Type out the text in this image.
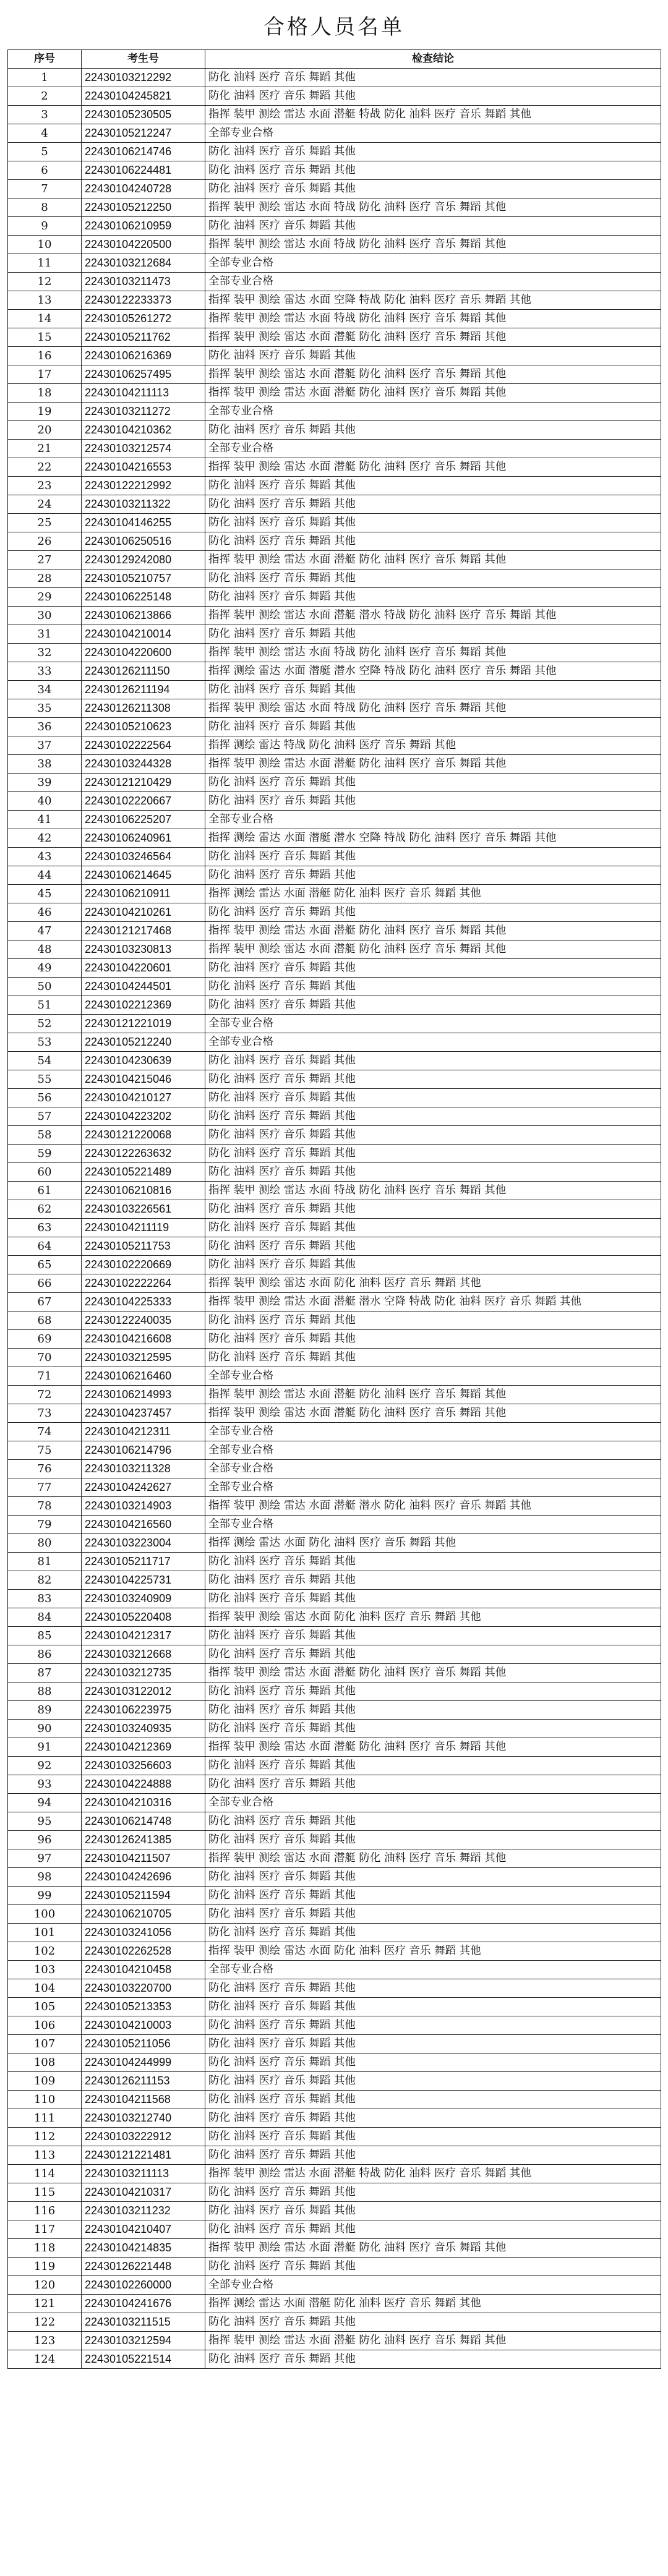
合格人员名单
序号	考生号	检查结论
1	22430103212292	防化 油料 医疗 音乐 舞蹈 其他
2	22430104245821	防化 油料 医疗 音乐 舞蹈 其他
3	22430105230505	指挥 装甲 测绘 雷达 水面 潜艇 特战 防化 油料 医疗 音乐 舞蹈 其他
4	22430105212247	全部专业合格
5	22430106214746	防化 油料 医疗 音乐 舞蹈 其他
6	22430106224481	防化 油料 医疗 音乐 舞蹈 其他
7	22430104240728	防化 油料 医疗 音乐 舞蹈 其他
8	22430105212250	指挥 装甲 测绘 雷达 水面 特战 防化 油料 医疗 音乐 舞蹈 其他
9	22430106210959	防化 油料 医疗 音乐 舞蹈 其他
10	22430104220500	指挥 装甲 测绘 雷达 水面 特战 防化 油料 医疗 音乐 舞蹈 其他
11	22430103212684	全部专业合格
12	22430103211473	全部专业合格
13	22430122233373	指挥 装甲 测绘 雷达 水面 空降 特战 防化 油料 医疗 音乐 舞蹈 其他
14	22430105261272	指挥 装甲 测绘 雷达 水面 特战 防化 油料 医疗 音乐 舞蹈 其他
15	22430105211762	指挥 装甲 测绘 雷达 水面 潜艇 防化 油料 医疗 音乐 舞蹈 其他
16	22430106216369	防化 油料 医疗 音乐 舞蹈 其他
17	22430106257495	指挥 装甲 测绘 雷达 水面 潜艇 防化 油料 医疗 音乐 舞蹈 其他
18	22430104211113	指挥 装甲 测绘 雷达 水面 潜艇 防化 油料 医疗 音乐 舞蹈 其他
19	22430103211272	全部专业合格
20	22430104210362	防化 油料 医疗 音乐 舞蹈 其他
21	22430103212574	全部专业合格
22	22430104216553	指挥 装甲 测绘 雷达 水面 潜艇 防化 油料 医疗 音乐 舞蹈 其他
23	22430122212992	防化 油料 医疗 音乐 舞蹈 其他
24	22430103211322	防化 油料 医疗 音乐 舞蹈 其他
25	22430104146255	防化 油料 医疗 音乐 舞蹈 其他
26	22430106250516	防化 油料 医疗 音乐 舞蹈 其他
27	22430129242080	指挥 装甲 测绘 雷达 水面 潜艇 防化 油料 医疗 音乐 舞蹈 其他
28	22430105210757	防化 油料 医疗 音乐 舞蹈 其他
29	22430106225148	防化 油料 医疗 音乐 舞蹈 其他
30	22430106213866	指挥 装甲 测绘 雷达 水面 潜艇 潜水 特战 防化 油料 医疗 音乐 舞蹈 其他
31	22430104210014	防化 油料 医疗 音乐 舞蹈 其他
32	22430104220600	指挥 装甲 测绘 雷达 水面 特战 防化 油料 医疗 音乐 舞蹈 其他
33	22430126211150	指挥 测绘 雷达 水面 潜艇 潜水 空降 特战 防化 油料 医疗 音乐 舞蹈 其他
34	22430126211194	防化 油料 医疗 音乐 舞蹈 其他
35	22430126211308	指挥 装甲 测绘 雷达 水面 特战 防化 油料 医疗 音乐 舞蹈 其他
36	22430105210623	防化 油料 医疗 音乐 舞蹈 其他
37	22430102222564	指挥 测绘 雷达 特战 防化 油料 医疗 音乐 舞蹈 其他
38	22430103244328	指挥 装甲 测绘 雷达 水面 潜艇 防化 油料 医疗 音乐 舞蹈 其他
39	22430121210429	防化 油料 医疗 音乐 舞蹈 其他
40	22430102220667	防化 油料 医疗 音乐 舞蹈 其他
41	22430106225207	全部专业合格
42	22430106240961	指挥 测绘 雷达 水面 潜艇 潜水 空降 特战 防化 油料 医疗 音乐 舞蹈 其他
43	22430103246564	防化 油料 医疗 音乐 舞蹈 其他
44	22430106214645	防化 油料 医疗 音乐 舞蹈 其他
45	22430106210911	指挥 测绘 雷达 水面 潜艇 防化 油料 医疗 音乐 舞蹈 其他
46	22430104210261	防化 油料 医疗 音乐 舞蹈 其他
47	22430121217468	指挥 装甲 测绘 雷达 水面 潜艇 防化 油料 医疗 音乐 舞蹈 其他
48	22430103230813	指挥 装甲 测绘 雷达 水面 潜艇 防化 油料 医疗 音乐 舞蹈 其他
49	22430104220601	防化 油料 医疗 音乐 舞蹈 其他
50	22430104244501	防化 油料 医疗 音乐 舞蹈 其他
51	22430102212369	防化 油料 医疗 音乐 舞蹈 其他
52	22430121221019	全部专业合格
53	22430105212240	全部专业合格
54	22430104230639	防化 油料 医疗 音乐 舞蹈 其他
55	22430104215046	防化 油料 医疗 音乐 舞蹈 其他
56	22430104210127	防化 油料 医疗 音乐 舞蹈 其他
57	22430104223202	防化 油料 医疗 音乐 舞蹈 其他
58	22430121220068	防化 油料 医疗 音乐 舞蹈 其他
59	22430122263632	防化 油料 医疗 音乐 舞蹈 其他
60	22430105221489	防化 油料 医疗 音乐 舞蹈 其他
61	22430106210816	指挥 装甲 测绘 雷达 水面 特战 防化 油料 医疗 音乐 舞蹈 其他
62	22430103226561	防化 油料 医疗 音乐 舞蹈 其他
63	22430104211119	防化 油料 医疗 音乐 舞蹈 其他
64	22430105211753	防化 油料 医疗 音乐 舞蹈 其他
65	22430102220669	防化 油料 医疗 音乐 舞蹈 其他
66	22430102222264	指挥 装甲 测绘 雷达 水面 防化 油料 医疗 音乐 舞蹈 其他
67	22430104225333	指挥 装甲 测绘 雷达 水面 潜艇 潜水 空降 特战 防化 油料 医疗 音乐 舞蹈 其他
68	22430122240035	防化 油料 医疗 音乐 舞蹈 其他
69	22430104216608	防化 油料 医疗 音乐 舞蹈 其他
70	22430103212595	防化 油料 医疗 音乐 舞蹈 其他
71	22430106216460	全部专业合格
72	22430106214993	指挥 装甲 测绘 雷达 水面 潜艇 防化 油料 医疗 音乐 舞蹈 其他
73	22430104237457	指挥 装甲 测绘 雷达 水面 潜艇 防化 油料 医疗 音乐 舞蹈 其他
74	22430104212311	全部专业合格
75	22430106214796	全部专业合格
76	22430103211328	全部专业合格
77	22430104242627	全部专业合格
78	22430103214903	指挥 装甲 测绘 雷达 水面 潜艇 潜水 防化 油料 医疗 音乐 舞蹈 其他
79	22430104216560	全部专业合格
80	22430103223004	指挥 测绘 雷达 水面 防化 油料 医疗 音乐 舞蹈 其他
81	22430105211717	防化 油料 医疗 音乐 舞蹈 其他
82	22430104225731	防化 油料 医疗 音乐 舞蹈 其他
83	22430103240909	防化 油料 医疗 音乐 舞蹈 其他
84	22430105220408	指挥 装甲 测绘 雷达 水面 防化 油料 医疗 音乐 舞蹈 其他
85	22430104212317	防化 油料 医疗 音乐 舞蹈 其他
86	22430103212668	防化 油料 医疗 音乐 舞蹈 其他
87	22430103212735	指挥 装甲 测绘 雷达 水面 潜艇 防化 油料 医疗 音乐 舞蹈 其他
88	22430103122012	防化 油料 医疗 音乐 舞蹈 其他
89	22430106223975	防化 油料 医疗 音乐 舞蹈 其他
90	22430103240935	防化 油料 医疗 音乐 舞蹈 其他
91	22430104212369	指挥 装甲 测绘 雷达 水面 潜艇 防化 油料 医疗 音乐 舞蹈 其他
92	22430103256603	防化 油料 医疗 音乐 舞蹈 其他
93	22430104224888	防化 油料 医疗 音乐 舞蹈 其他
94	22430104210316	全部专业合格
95	22430106214748	防化 油料 医疗 音乐 舞蹈 其他
96	22430126241385	防化 油料 医疗 音乐 舞蹈 其他
97	22430104211507	指挥 装甲 测绘 雷达 水面 潜艇 防化 油料 医疗 音乐 舞蹈 其他
98	22430104242696	防化 油料 医疗 音乐 舞蹈 其他
99	22430105211594	防化 油料 医疗 音乐 舞蹈 其他
100	22430106210705	防化 油料 医疗 音乐 舞蹈 其他
101	22430103241056	防化 油料 医疗 音乐 舞蹈 其他
102	22430102262528	指挥 装甲 测绘 雷达 水面 防化 油料 医疗 音乐 舞蹈 其他
103	22430104210458	全部专业合格
104	22430103220700	防化 油料 医疗 音乐 舞蹈 其他
105	22430105213353	防化 油料 医疗 音乐 舞蹈 其他
106	22430104210003	防化 油料 医疗 音乐 舞蹈 其他
107	22430105211056	防化 油料 医疗 音乐 舞蹈 其他
108	22430104244999	防化 油料 医疗 音乐 舞蹈 其他
109	22430126211153	防化 油料 医疗 音乐 舞蹈 其他
110	22430104211568	防化 油料 医疗 音乐 舞蹈 其他
111	22430103212740	防化 油料 医疗 音乐 舞蹈 其他
112	22430103222912	防化 油料 医疗 音乐 舞蹈 其他
113	22430121221481	防化 油料 医疗 音乐 舞蹈 其他
114	22430103211113	指挥 装甲 测绘 雷达 水面 潜艇 特战 防化 油料 医疗 音乐 舞蹈 其他
115	22430104210317	防化 油料 医疗 音乐 舞蹈 其他
116	22430103211232	防化 油料 医疗 音乐 舞蹈 其他
117	22430104210407	防化 油料 医疗 音乐 舞蹈 其他
118	22430104214835	指挥 装甲 测绘 雷达 水面 潜艇 防化 油料 医疗 音乐 舞蹈 其他
119	22430126221448	防化 油料 医疗 音乐 舞蹈 其他
120	22430102260000	全部专业合格
121	22430104241676	指挥 测绘 雷达 水面 潜艇 防化 油料 医疗 音乐 舞蹈 其他
122	22430103211515	防化 油料 医疗 音乐 舞蹈 其他
123	22430103212594	指挥 装甲 测绘 雷达 水面 潜艇 防化 油料 医疗 音乐 舞蹈 其他
124	22430105221514	防化 油料 医疗 音乐 舞蹈 其他
